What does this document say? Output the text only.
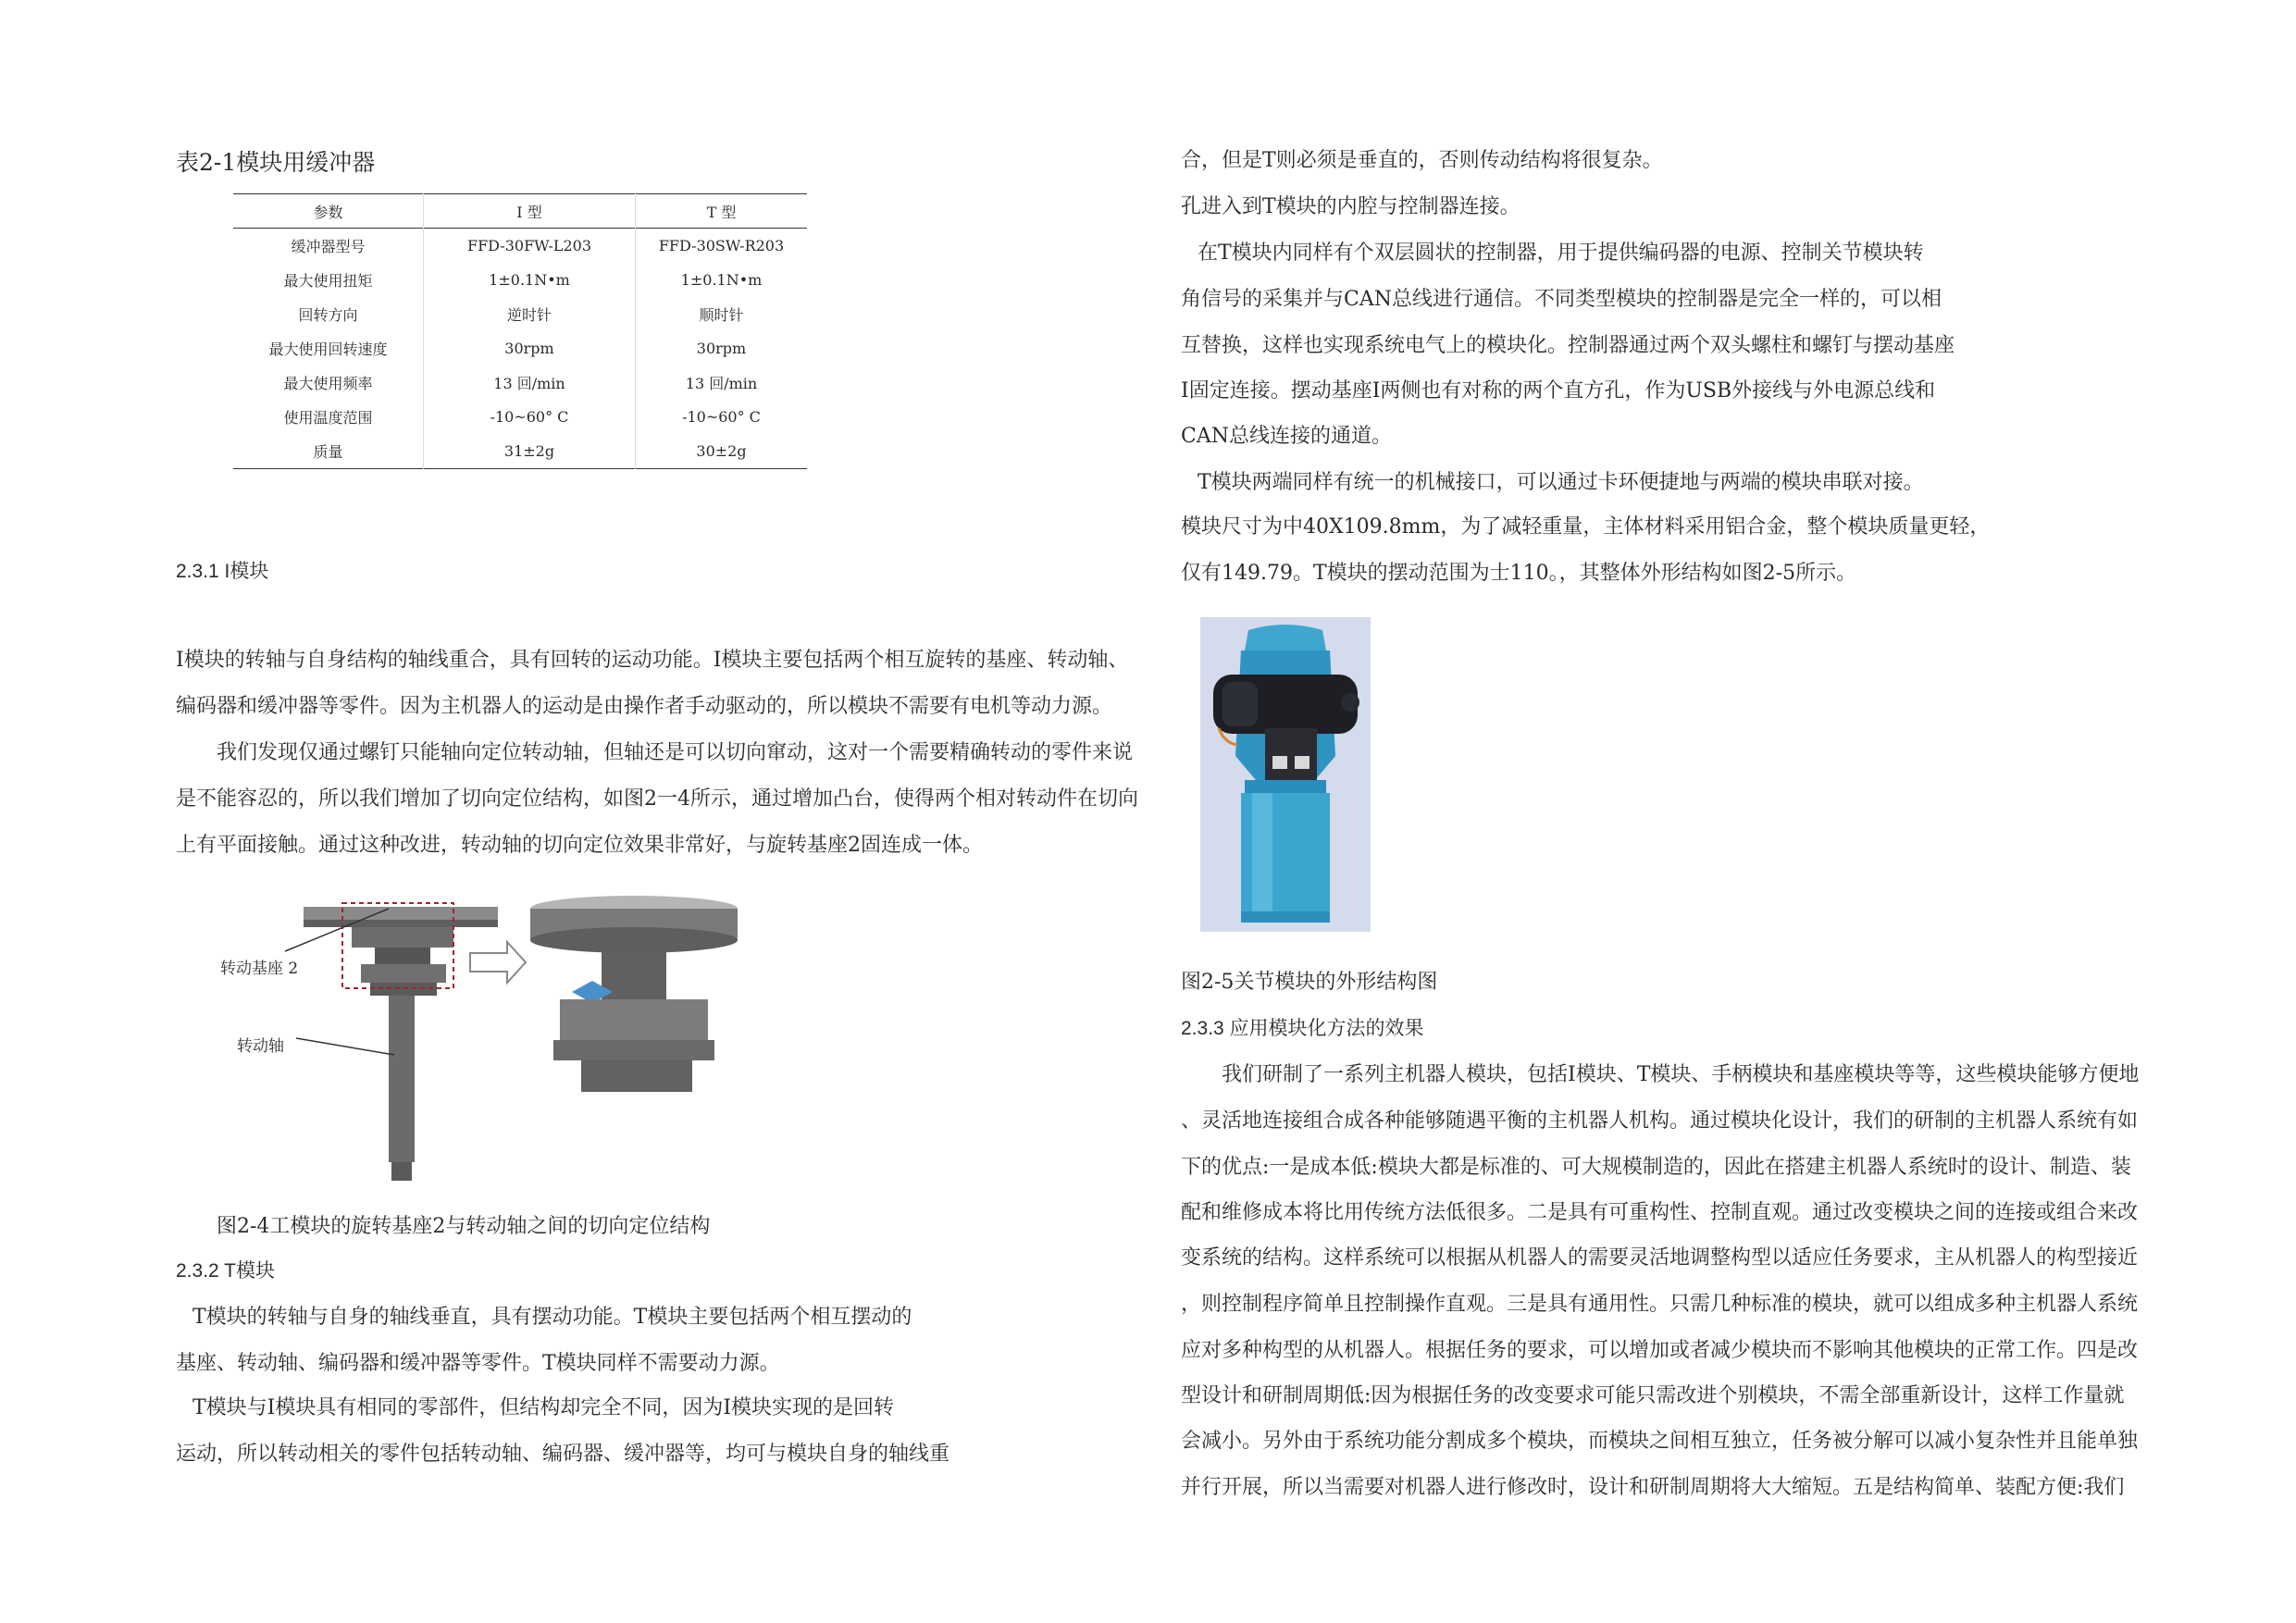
表2-1模块用缓冲器
参数	I 型	T 型
缓冲器型号	FFD-30FW-L203	FFD-30SW-R203
最大使用扭矩	1±0.1N•m	1±0.1N•m
回转方向	逆时针	顺时针
最大使用回转速度	30rpm	30rpm
最大使用频率	13 回/min	13 回/min
使用温度范围	-10~60° C	-10~60° C
质量	31±2g	30±2g
2.3.1 I模块
I模块的转轴与自身结构的轴线重合，具有回转的运动功能。I模块主要包括两个相互旋转的基座、转动轴、
编码器和缓冲器等零件。因为主机器人的运动是由操作者手动驱动的，所以模块不需要有电机等动力源。
我们发现仅通过螺钉只能轴向定位转动轴，但轴还是可以切向窜动，这对一个需要精确转动的零件来说
是不能容忍的，所以我们增加了切向定位结构，如图2一4所示，通过增加凸台，使得两个相对转动件在切向
上有平面接触。通过这种改进，转动轴的切向定位效果非常好，与旋转基座2固连成一体。
转动基座 2
转动轴
图2-4工模块的旋转基座2与转动轴之间的切向定位结构
2.3.2 T模块
T模块的转轴与自身的轴线垂直，具有摆动功能。T模块主要包括两个相互摆动的
基座、转动轴、编码器和缓冲器等零件。T模块同样不需要动力源。
T模块与I模块具有相同的零部件，但结构却完全不同，因为I模块实现的是回转
运动，所以转动相关的零件包括转动轴、编码器、缓冲器等，均可与模块自身的轴线重
合，但是T则必须是垂直的，否则传动结构将很复杂。
孔进入到T模块的内腔与控制器连接。
在T模块内同样有个双层圆状的控制器，用于提供编码器的电源、控制关节模块转
角信号的采集并与CAN总线进行通信。不同类型模块的控制器是完全一样的，可以相
互替换，这样也实现系统电气上的模块化。控制器通过两个双头螺柱和螺钉与摆动基座
I固定连接。摆动基座I两侧也有对称的两个直方孔，作为USB外接线与外电源总线和
CAN总线连接的通道。
T模块两端同样有统一的机械接口，可以通过卡环便捷地与两端的模块串联对接。
模块尺寸为中40X109.8mm，为了减轻重量，主体材料采用铝合金，整个模块质量更轻，
仅有149.79。T模块的摆动范围为士110。，其整体外形结构如图2-5所示。
图2-5关节模块的外形结构图
2.3.3 应用模块化方法的效果
我们研制了一系列主机器人模块，包括I模块、T模块、手柄模块和基座模块等等，这些模块能够方便地
、灵活地连接组合成各种能够随遇平衡的主机器人机构。通过模块化设计，我们的研制的主机器人系统有如
下的优点:一是成本低:模块大都是标准的、可大规模制造的，因此在搭建主机器人系统时的设计、制造、装
配和维修成本将比用传统方法低很多。二是具有可重构性、控制直观。通过改变模块之间的连接或组合来改
变系统的结构。这样系统可以根据从机器人的需要灵活地调整构型以适应任务要求，主从机器人的构型接近
，则控制程序简单且控制操作直观。三是具有通用性。只需几种标准的模块，就可以组成多种主机器人系统
应对多种构型的从机器人。根据任务的要求，可以增加或者减少模块而不影响其他模块的正常工作。四是改
型设计和研制周期低:因为根据任务的改变要求可能只需改进个别模块，不需全部重新设计，这样工作量就
会减小。另外由于系统功能分割成多个模块，而模块之间相互独立，任务被分解可以减小复杂性并且能单独
并行开展，所以当需要对机器人进行修改时，设计和研制周期将大大缩短。五是结构简单、装配方便:我们
